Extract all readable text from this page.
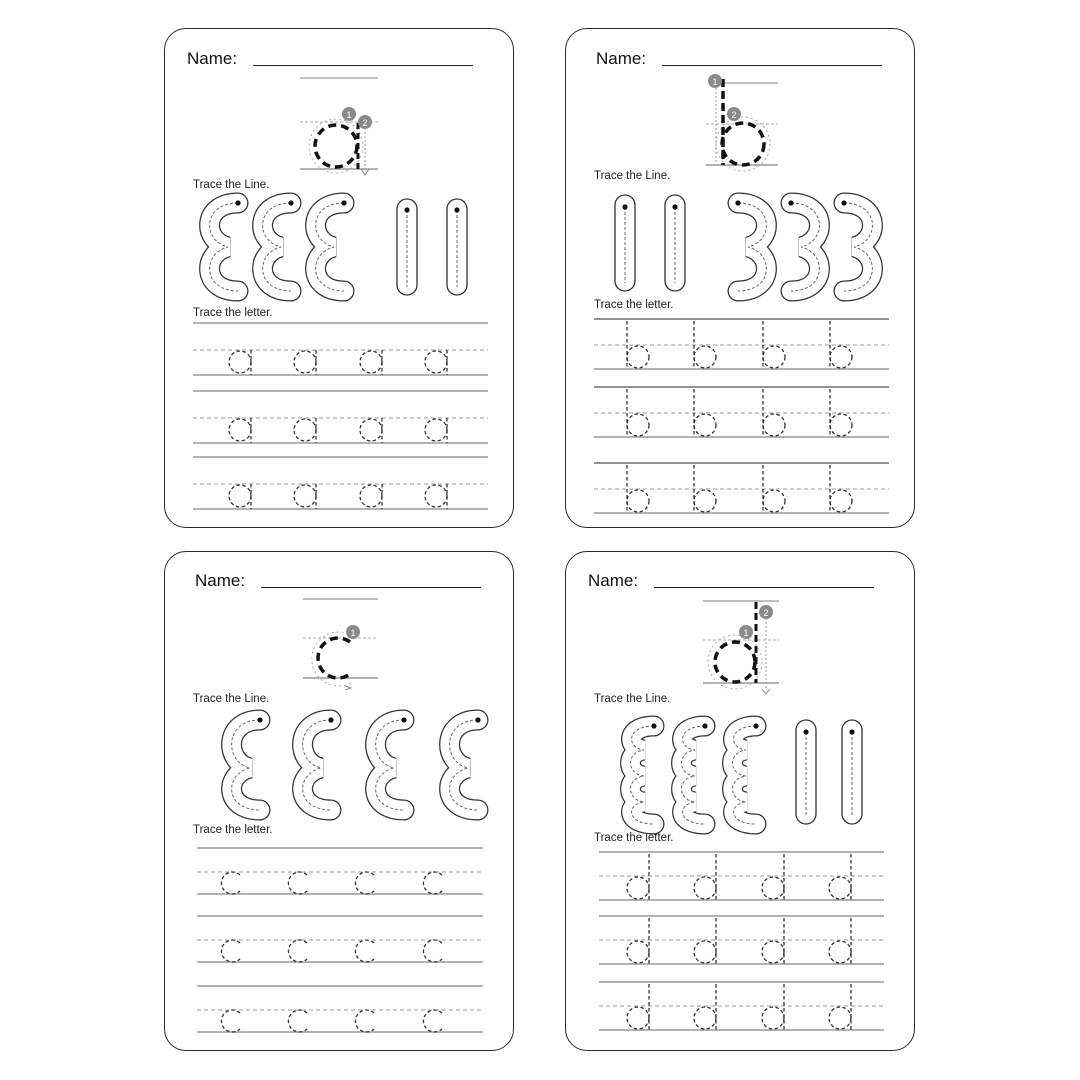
Name:
Trace the Line.
Trace the letter.
1
2
Name:
Trace the Line.
Trace the letter.
1
2
Name:
Trace the Line.
Trace the letter.
1
Name:
Trace the Line.
Trace the letter.
1
2
